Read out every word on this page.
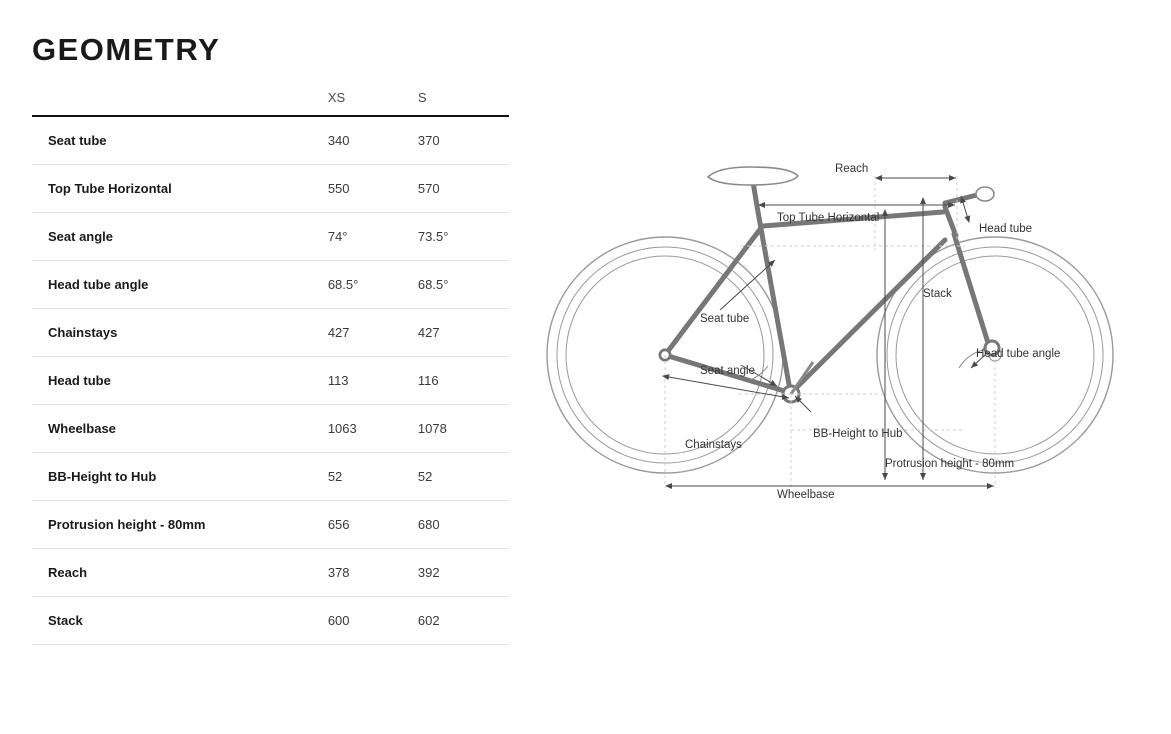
GEOMETRY
	XS	S
Seat tube	340	370
Top Tube Horizontal	550	570
Seat angle	74°	73.5°
Head tube angle	68.5°	68.5°
Chainstays	427	427
Head tube	113	116
Wheelbase	1063	1078
BB-Height to Hub	52	52
Protrusion height - 80mm	656	680
Reach	378	392
Stack	600	602
Reach
Top Tube Horizontal
Head tube
Stack
Seat tube
Seat angle
Head tube angle
Chainstays
BB-Height to Hub
Protrusion height - 80mm
Wheelbase
